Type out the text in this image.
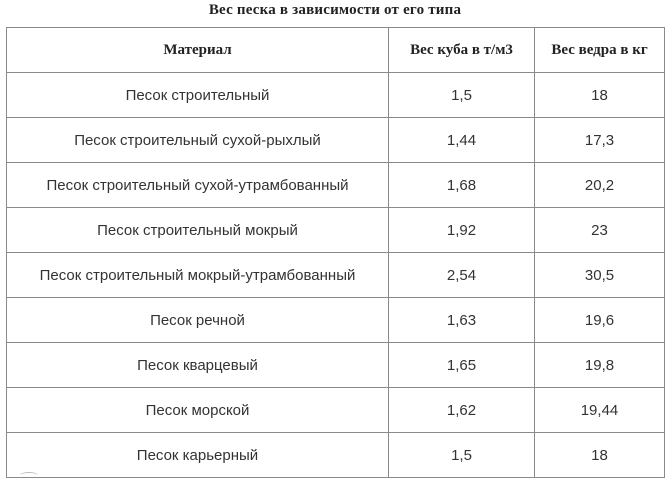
Вес песка в зависимости от его типа
Материал	Вес куба в т/м3	Вес ведра в кг
Песок строительный	1,5	18
Песок строительный сухой-рыхлый	1,44	17,3
Песок строительный сухой-утрамбованный	1,68	20,2
Песок строительный мокрый	1,92	23
Песок строительный мокрый-утрамбованный	2,54	30,5
Песок речной	1,63	19,6
Песок кварцевый	1,65	19,8
Песок морской	1,62	19,44
Песок карьерный	1,5	18
